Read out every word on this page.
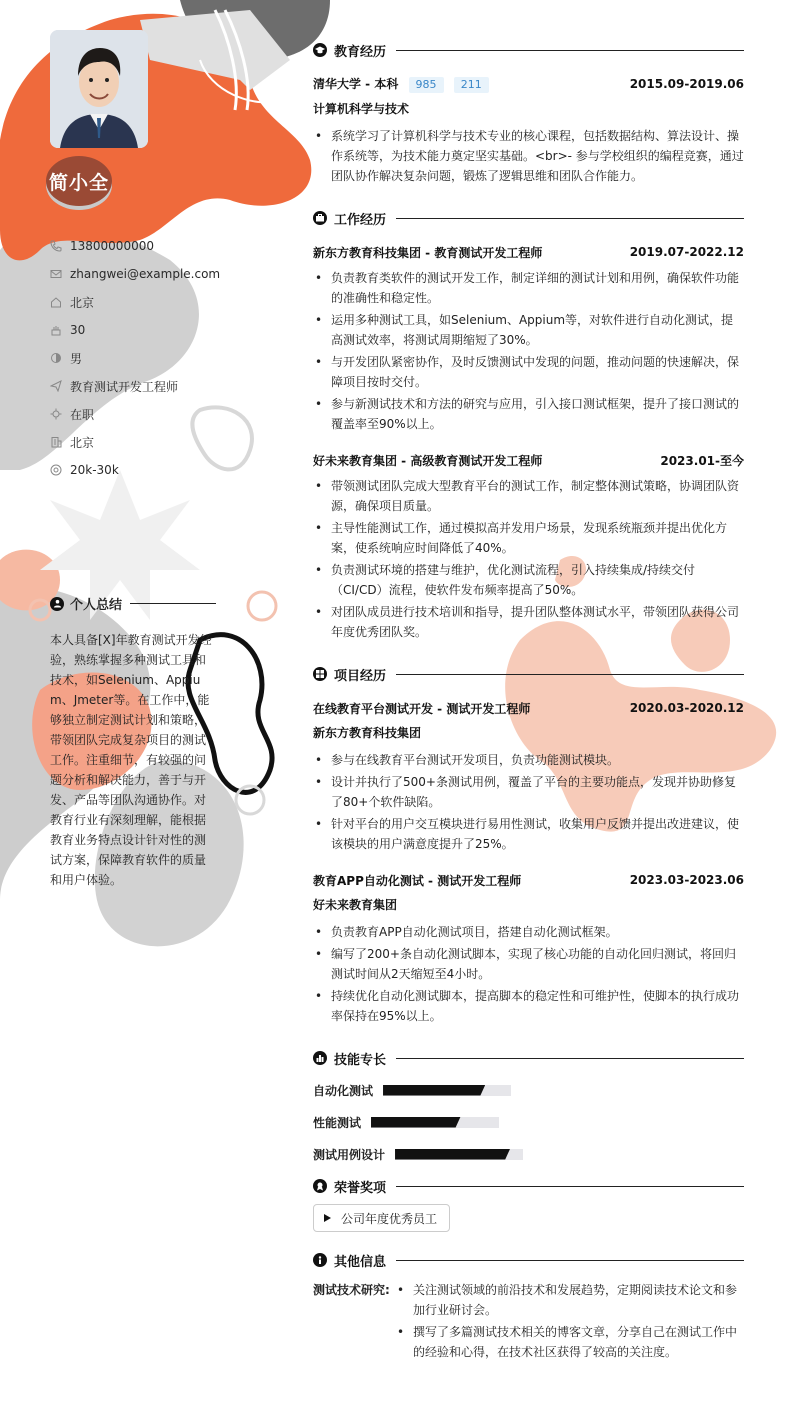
简小全
13800000000
zhangwei@example.com
北京
30
男
教育测试开发工程师
在职
北京
20k-30k
个人总结
本人具备[X]年教育测试开发经验，熟练掌握多种测试工具和技术，如Selenium、Appium、Jmeter等。在工作中，能够独立制定测试计划和策略，带领团队完成复杂项目的测试工作。注重细节，有较强的问题分析和解决能力，善于与开发、产品等团队沟通协作。对教育行业有深刻理解，能根据教育业务特点设计针对性的测试方案，保障教育软件的质量和用户体验。
教育经历
清华大学 - 本科 985 211	2015.09-2019.06
计算机科学与技术
• 系统学习了计算机科学与技术专业的核心课程，包括数据结构、算法设计、操作系统等，为技术能力奠定坚实基础。<br>- 参与学校组织的编程竞赛，通过团队协作解决复杂问题，锻炼了逻辑思维和团队合作能力。
工作经历
新东方教育科技集团 - 教育测试开发工程师	2019.07-2022.12
• 负责教育类软件的测试开发工作，制定详细的测试计划和用例，确保软件功能的准确性和稳定性。
• 运用多种测试工具，如Selenium、Appium等，对软件进行自动化测试，提高测试效率，将测试周期缩短了30%。
• 与开发团队紧密协作，及时反馈测试中发现的问题，推动问题的快速解决，保障项目按时交付。
• 参与新测试技术和方法的研究与应用，引入接口测试框架，提升了接口测试的覆盖率至90%以上。
好未来教育集团 - 高级教育测试开发工程师	2023.01-至今
• 带领测试团队完成大型教育平台的测试工作，制定整体测试策略，协调团队资源，确保项目质量。
• 主导性能测试工作，通过模拟高并发用户场景，发现系统瓶颈并提出优化方案，使系统响应时间降低了40%。
• 负责测试环境的搭建与维护，优化测试流程，引入持续集成/持续交付（CI/CD）流程，使软件发布频率提高了50%。
• 对团队成员进行技术培训和指导，提升团队整体测试水平，带领团队获得公司年度优秀团队奖。
项目经历
在线教育平台测试开发 - 测试开发工程师	2020.03-2020.12
新东方教育科技集团
• 参与在线教育平台测试开发项目，负责功能测试模块。
• 设计并执行了500+条测试用例，覆盖了平台的主要功能点，发现并协助修复了80+个软件缺陷。
• 针对平台的用户交互模块进行易用性测试，收集用户反馈并提出改进建议，使该模块的用户满意度提升了25%。
教育APP自动化测试 - 测试开发工程师	2023.03-2023.06
好未来教育集团
• 负责教育APP自动化测试项目，搭建自动化测试框架。
• 编写了200+条自动化测试脚本，实现了核心功能的自动化回归测试，将回归测试时间从2天缩短至4小时。
• 持续优化自动化测试脚本，提高脚本的稳定性和可维护性，使脚本的执行成功率保持在95%以上。
技能专长
自动化测试
性能测试
测试用例设计
荣誉奖项
公司年度优秀员工
其他信息
测试技术研究:
•	关注测试领域的前沿技术和发展趋势，定期阅读技术论文和参加行业研讨会。
• 撰写了多篇测试技术相关的博客文章，分享自己在测试工作中的经验和心得，在技术社区获得了较高的关注度。
